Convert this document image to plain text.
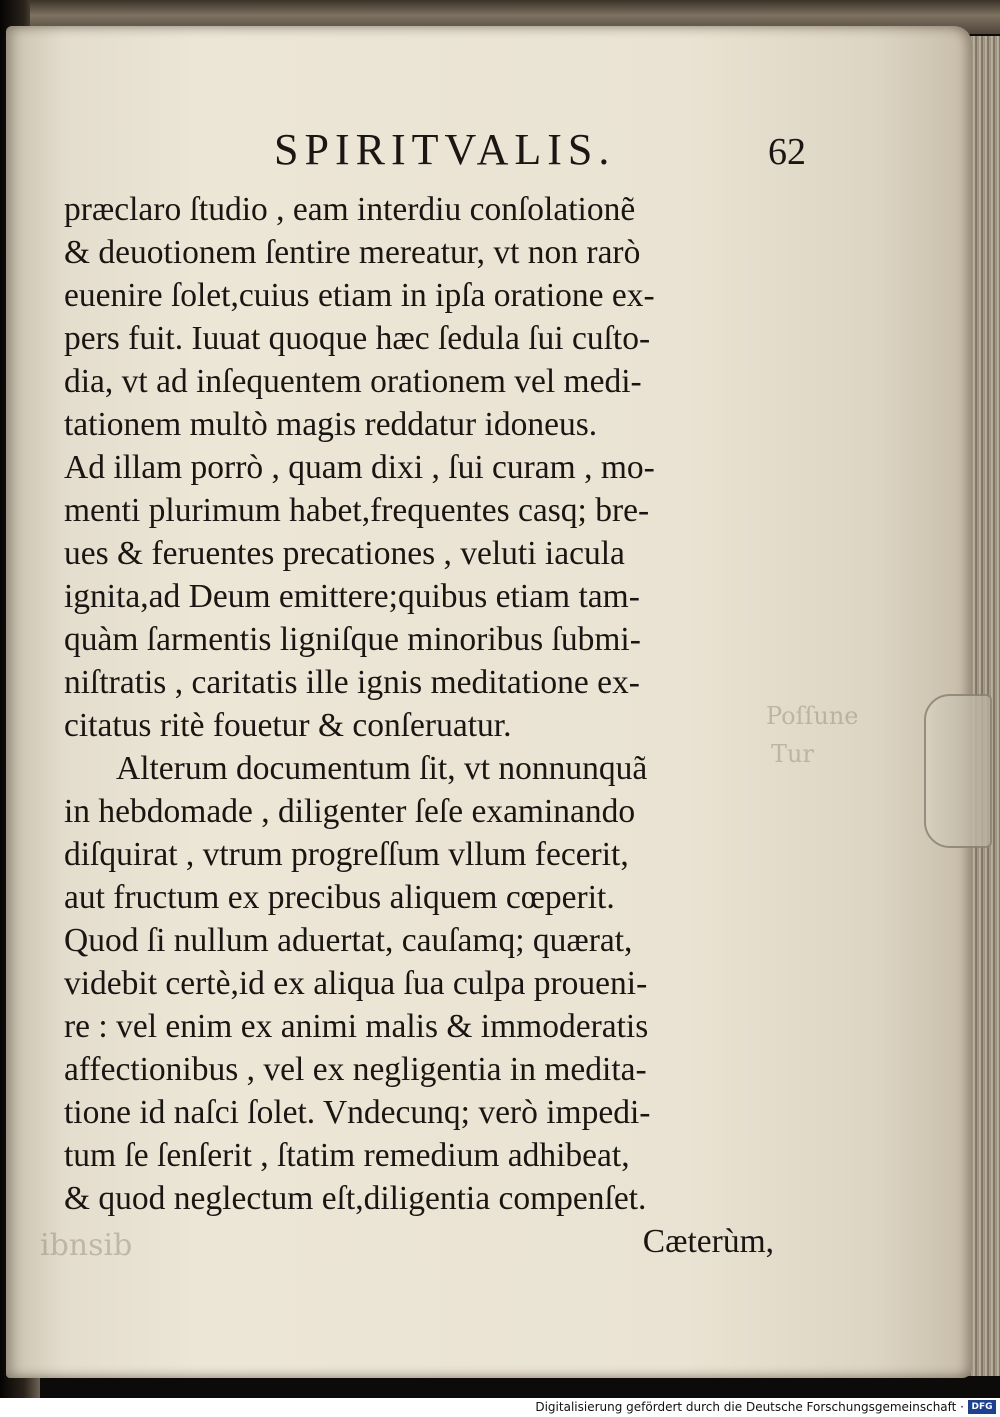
ibnsib
Poſſune
Tur
SPIRITVALIS.	62
præclaro ſtudio , eam interdiu conſolationẽ
& deuotionem ſentire mereatur, vt non rarò
euenire ſolet,cuius etiam in ipſa oratione ex-
pers fuit. Iuuat quoque hæc ſedula ſui cuſto-
dia, vt ad inſequentem orationem vel medi-
tationem multò magis reddatur idoneus.
Ad illam porrò , quam dixi , ſui curam , mo-
menti plurimum habet,frequentes casq; bre-
ues & feruentes precationes , veluti iacula
ignita,ad Deum emittere;quibus etiam tam-
quàm ſarmentis ligniſque minoribus ſubmi-
niſtratis , caritatis ille ignis meditatione ex-
citatus ritè fouetur & conſeruatur.
Alterum documentum ſit, vt nonnunquã
in hebdomade , diligenter ſeſe examinando
diſquirat , vtrum progreſſum vllum fecerit,
aut fructum ex precibus aliquem cœperit.
Quod ſi nullum aduertat, cauſamq; quærat,
videbit certè,id ex aliqua ſua culpa proueni-
re : vel enim ex animi malis & immoderatis
affectionibus , vel ex negligentia in medita-
tione id naſci ſolet. Vndecunq; verò impedi-
tum ſe ſenſerit , ſtatim remedium adhibeat,
& quod neglectum eſt,diligentia compenſet.
Cæterùm,
Digitalisierung gefördert durch die Deutsche Forschungsgemeinschaft · DFG
